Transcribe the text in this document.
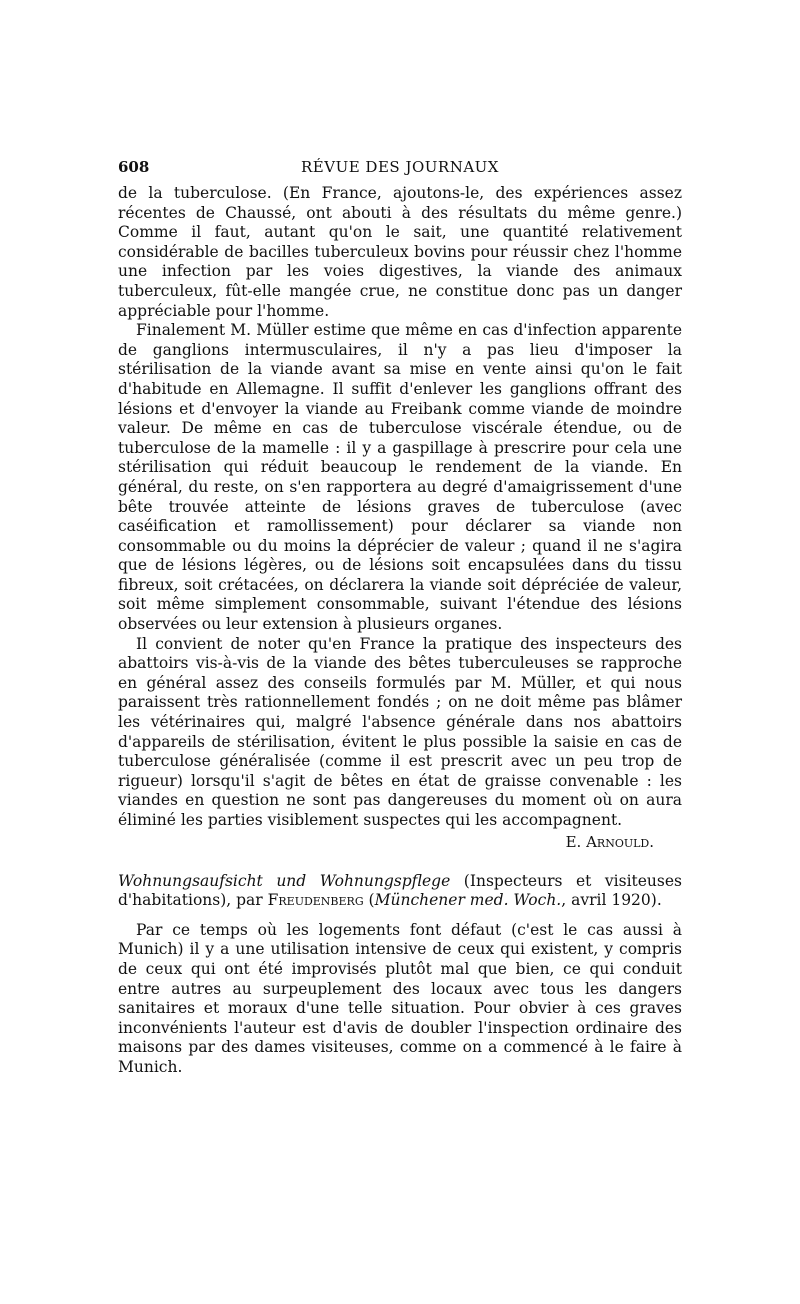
608	RÉVUE DES JOURNAUX

de la tuberculose. (En France, ajoutons-le, des expériences assez récentes de Chaussé, ont abouti à des résultats du même genre.) Comme il faut, autant qu'on le sait, une quantité relativement considérable de bacilles tuberculeux bovins pour réussir chez l'homme une infection par les voies digestives, la viande des animaux tuberculeux, fût-elle mangée crue, ne constitue donc pas un danger appréciable pour l'homme.

Finalement M. Müller estime que même en cas d'infection apparente de ganglions intermusculaires, il n'y a pas lieu d'imposer la stérilisation de la viande avant sa mise en vente ainsi qu'on le fait d'habitude en Allemagne. Il suffit d'enlever les ganglions offrant des lésions et d'envoyer la viande au Freibank comme viande de moindre valeur. De même en cas de tuberculose viscérale étendue, ou de tuberculose de la mamelle : il y a gaspillage à prescrire pour cela une stérilisation qui réduit beaucoup le rendement de la viande. En général, du reste, on s'en rapportera au degré d'amaigrissement d'une bête trouvée atteinte de lésions graves de tuberculose (avec caséification et ramollissement) pour déclarer sa viande non consommable ou du moins la déprécier de valeur ; quand il ne s'agira que de lésions légères, ou de lésions soit encapsulées dans du tissu fibreux, soit crétacées, on déclarera la viande soit dépréciée de valeur, soit même simplement consommable, suivant l'étendue des lésions observées ou leur extension à plusieurs organes.

Il convient de noter qu'en France la pratique des inspecteurs des abattoirs vis-à-vis de la viande des bêtes tuberculeuses se rapproche en général assez des conseils formulés par M. Müller, et qui nous paraissent très rationnellement fondés ; on ne doit même pas blâmer les vétérinaires qui, malgré l'absence générale dans nos abattoirs d'appareils de stérilisation, évitent le plus possible la saisie en cas de tuberculose généralisée (comme il est prescrit avec un peu trop de rigueur) lorsqu'il s'agit de bêtes en état de graisse convenable : les viandes en question ne sont pas dangereuses du moment où on aura éliminé les parties visiblement suspectes qui les accompagnent.

E. Arnould.

Wohnungsaufsicht und Wohnungspflege (Inspecteurs et visiteuses d'habitations), par Freudenberg (Münchener med. Woch., avril 1920).

Par ce temps où les logements font défaut (c'est le cas aussi à Munich) il y a une utilisation intensive de ceux qui existent, y compris de ceux qui ont été improvisés plutôt mal que bien, ce qui conduit entre autres au surpeuplement des locaux avec tous les dangers sanitaires et moraux d'une telle situation. Pour obvier à ces graves inconvénients l'auteur est d'avis de doubler l'inspection ordinaire des maisons par des dames visiteuses, comme on a commencé à le faire à Munich.
